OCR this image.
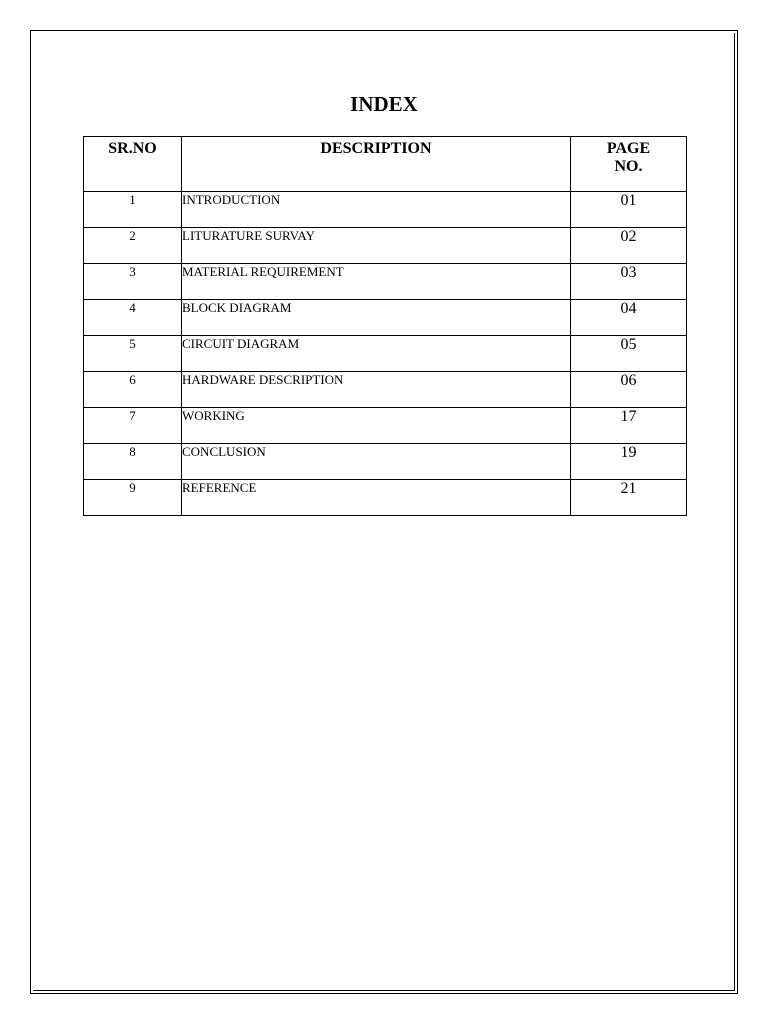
INDEX
SR.NO	DESCRIPTION	PAGE
NO.
1	INTRODUCTION	01
2	LITURATURE SURVAY	02
3	MATERIAL REQUIREMENT	03
4	BLOCK DIAGRAM	04
5	CIRCUIT DIAGRAM	05
6	HARDWARE DESCRIPTION	06
7	WORKING	17
8	CONCLUSION	19
9	REFERENCE	21
